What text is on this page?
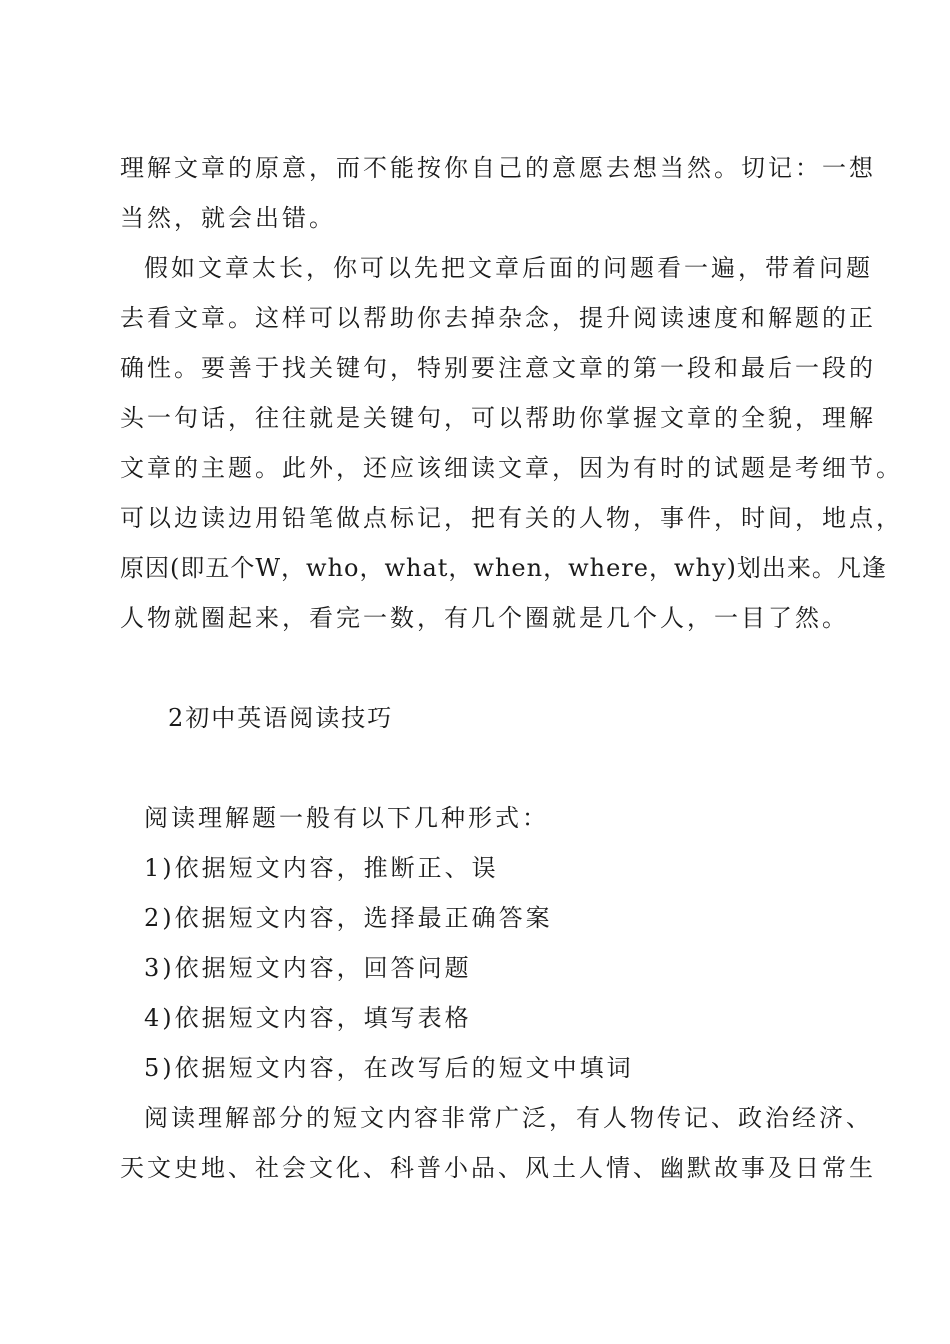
理解文章的原意，而不能按你自己的意愿去想当然。切记：一想
当然，就会出错。
假如文章太长，你可以先把文章后面的问题看一遍，带着问题
去看文章。这样可以帮助你去掉杂念，提升阅读速度和解题的正
确性。要善于找关键句，特别要注意文章的第一段和最后一段的
头一句话，往往就是关键句，可以帮助你掌握文章的全貌，理解
文章的主题。此外，还应该细读文章，因为有时的试题是考细节。
可以边读边用铅笔做点标记，把有关的人物，事件，时间，地点，
原因(即五个W，who，what，when，where，why)划出来。凡逢
人物就圈起来，看完一数，有几个圈就是几个人，一目了然。
2初中英语阅读技巧
阅读理解题一般有以下几种形式：
1)依据短文内容，推断正、误
2)依据短文内容，选择最正确答案
3)依据短文内容，回答问题
4)依据短文内容，填写表格
5)依据短文内容，在改写后的短文中填词
阅读理解部分的短文内容非常广泛，有人物传记、政治经济、
天文史地、社会文化、科普小品、风土人情、幽默故事及日常生
